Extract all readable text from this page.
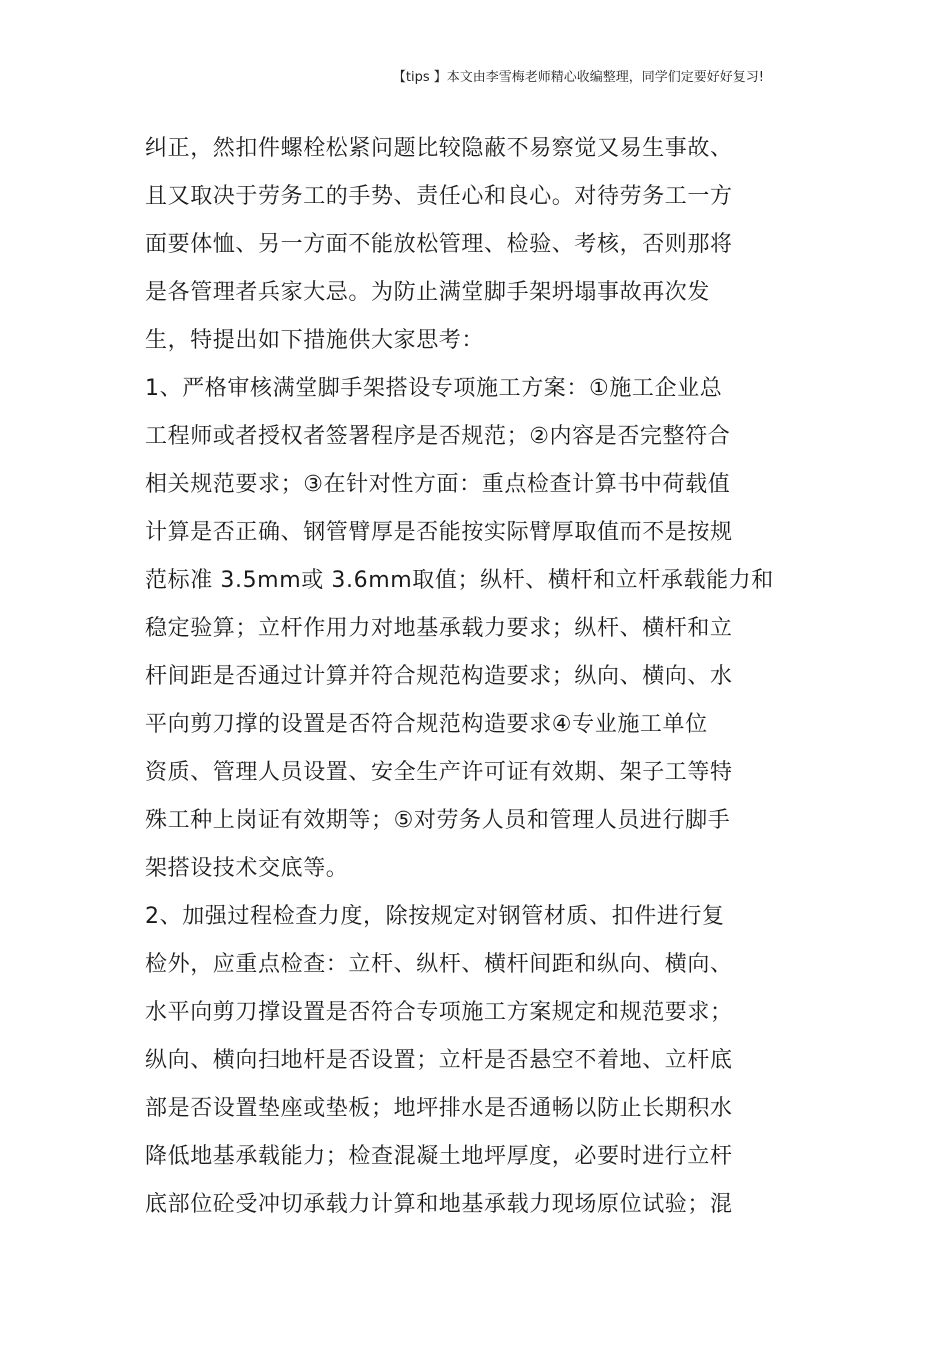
【tips 】本文由李雪梅老师精心收编整理，同学们定要好好复习!
纠正，然扣件螺栓松紧问题比较隐蔽不易察觉又易生事故、
且又取决于劳务工的手势、责任心和良心。对待劳务工一方
面要体恤、另一方面不能放松管理、检验、考核，否则那将
是各管理者兵家大忌。为防止满堂脚手架坍塌事故再次发
生，特提出如下措施供大家思考：
1、严格审核满堂脚手架搭设专项施工方案：①施工企业总
工程师或者授权者签署程序是否规范；②内容是否完整符合
相关规范要求；③在针对性方面：重点检查计算书中荷载值
计算是否正确、钢管臂厚是否能按实际臂厚取值而不是按规
范标准 3.5mm或 3.6mm取值；纵杆、横杆和立杆承载能力和
稳定验算；立杆作用力对地基承载力要求；纵杆、横杆和立
杆间距是否通过计算并符合规范构造要求；纵向、横向、水
平向剪刀撑的设置是否符合规范构造要求④专业施工单位
资质、管理人员设置、安全生产许可证有效期、架子工等特
殊工种上岗证有效期等；⑤对劳务人员和管理人员进行脚手
架搭设技术交底等。
2、加强过程检查力度，除按规定对钢管材质、扣件进行复
检外，应重点检查：立杆、纵杆、横杆间距和纵向、横向、
水平向剪刀撑设置是否符合专项施工方案规定和规范要求；
纵向、横向扫地杆是否设置；立杆是否悬空不着地、立杆底
部是否设置垫座或垫板；地坪排水是否通畅以防止长期积水
降低地基承载能力；检查混凝土地坪厚度，必要时进行立杆
底部位砼受冲切承载力计算和地基承载力现场原位试验；混
